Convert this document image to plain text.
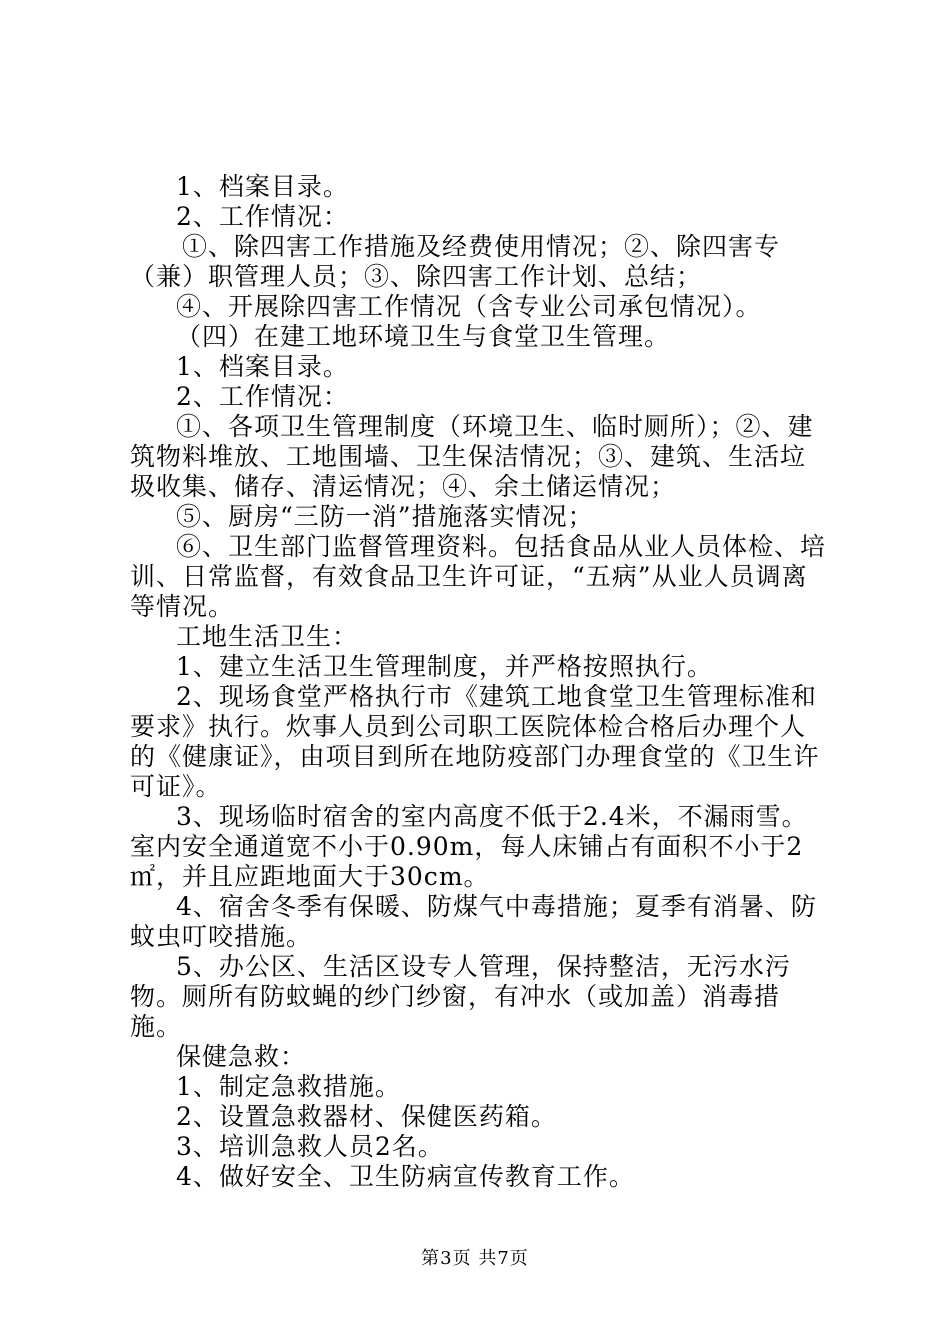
1、档案目录。

2、工作情况：

①、除四害工作措施及经费使用情况；②、除四害专（兼）职管理人员；③、除四害工作计划、总结；

④、开展除四害工作情况（含专业公司承包情况）。

（四）在建工地环境卫生与食堂卫生管理。

1、档案目录。

2、工作情况：

①、各项卫生管理制度（环境卫生、临时厕所）；②、建筑物料堆放、工地围墙、卫生保洁情况；③、建筑、生活垃圾收集、储存、清运情况；④、余土储运情况；

⑤、厨房“三防一消”措施落实情况；

⑥、卫生部门监督管理资料。包括食品从业人员体检、培训、日常监督，有效食品卫生许可证，“五病”从业人员调离等情况。

工地生活卫生：

1、建立生活卫生管理制度，并严格按照执行。

2、现场食堂严格执行市《建筑工地食堂卫生管理标准和要求》执行。炊事人员到公司职工医院体检合格后办理个人的《健康证》，由项目到所在地防疫部门办理食堂的《卫生许可证》。

3、现场临时宿舍的室内高度不低于2.4米，不漏雨雪。室内安全通道宽不小于0.90m，每人床铺占有面积不小于2㎡，并且应距地面大于30cm。

4、宿舍冬季有保暖、防煤气中毒措施；夏季有消暑、防蚊虫叮咬措施。

5、办公区、生活区设专人管理，保持整洁，无污水污物。厕所有防蚊蝇的纱门纱窗，有冲水（或加盖）消毒措施。

保健急救：

1、制定急救措施。

2、设置急救器材、保健医药箱。

3、培训急救人员2名。

4、做好安全、卫生防病宣传教育工作。

第3页 共7页
